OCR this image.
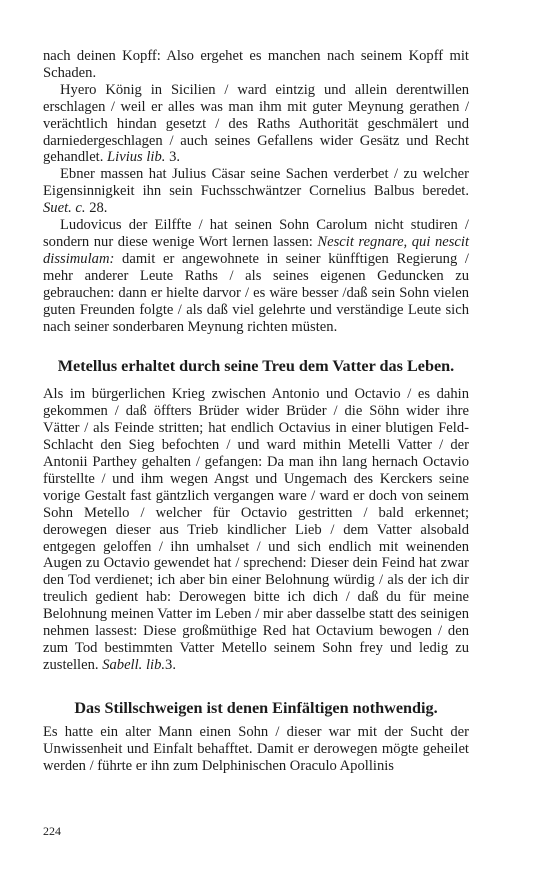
nach deinen Kopff: Also ergehet es manchen nach seinem Kopff mit Schaden.

Hyero König in Sicilien / ward eintzig und allein derentwillen erschlagen / weil er alles was man ihm mit guter Meynung gerathen / verächtlich hindan gesetzt / des Raths Authorität geschmälert und darniedergeschlagen / auch seines Gefallens wider Gesätz und Recht gehandlet. Livius lib. 3.

Ebner massen hat Julius Cäsar seine Sachen verderbet / zu welcher Eigensinnigkeit ihn sein Fuchsschwäntzer Cornelius Balbus beredet. Suet. c. 28.

Ludovicus der Eilffte / hat seinen Sohn Carolum nicht studiren / sondern nur diese wenige Wort lernen lassen: Nescit regnare, qui nescit dissimulam: damit er angewohnete in seiner künfftigen Regierung / mehr anderer Leute Raths / als seines eigenen Geduncken zu gebrauchen: dann er hielte darvor / es wäre besser /daß sein Sohn vielen guten Freunden folgte / als daß viel gelehrte und verständige Leute sich nach seiner sonderbaren Meynung richten müsten.

Metellus erhaltet durch seine Treu dem Vatter das Leben.

Als im bürgerlichen Krieg zwischen Antonio und Octavio / es dahin gekommen / daß öffters Brüder wider Brüder / die Söhn wider ihre Vätter / als Feinde stritten; hat endlich Octavius in einer blutigen Feld-Schlacht den Sieg befochten / und ward mithin Metelli Vatter / der Antonii Parthey gehalten / gefangen: Da man ihn lang hernach Octavio fürstellte / und ihm wegen Angst und Ungemach des Kerckers seine vorige Gestalt fast gäntzlich vergangen ware / ward er doch von seinem Sohn Metello / welcher für Octavio gestritten / bald erkennet; derowegen dieser aus Trieb kindlicher Lieb / dem Vatter alsobald entgegen geloffen / ihn umhalset / und sich endlich mit weinenden Augen zu Octavio gewendet hat / sprechend: Dieser dein Feind hat zwar den Tod verdienet; ich aber bin einer Belohnung würdig / als der ich dir treulich gedient hab: Derowegen bitte ich dich / daß du für meine Belohnung meinen Vatter im Leben / mir aber dasselbe statt des seinigen nehmen lassest: Diese großmüthige Red hat Octavium bewogen / den zum Tod bestimmten Vatter Metello seinem Sohn frey und ledig zu zustellen. Sabell. lib.3.

Das Stillschweigen ist denen Einfältigen nothwendig.

Es hatte ein alter Mann einen Sohn / dieser war mit der Sucht der Unwissenheit und Einfalt behafftet. Damit er derowegen mögte geheilet werden / führte er ihn zum Delphinischen Oraculo Apollinis

224
